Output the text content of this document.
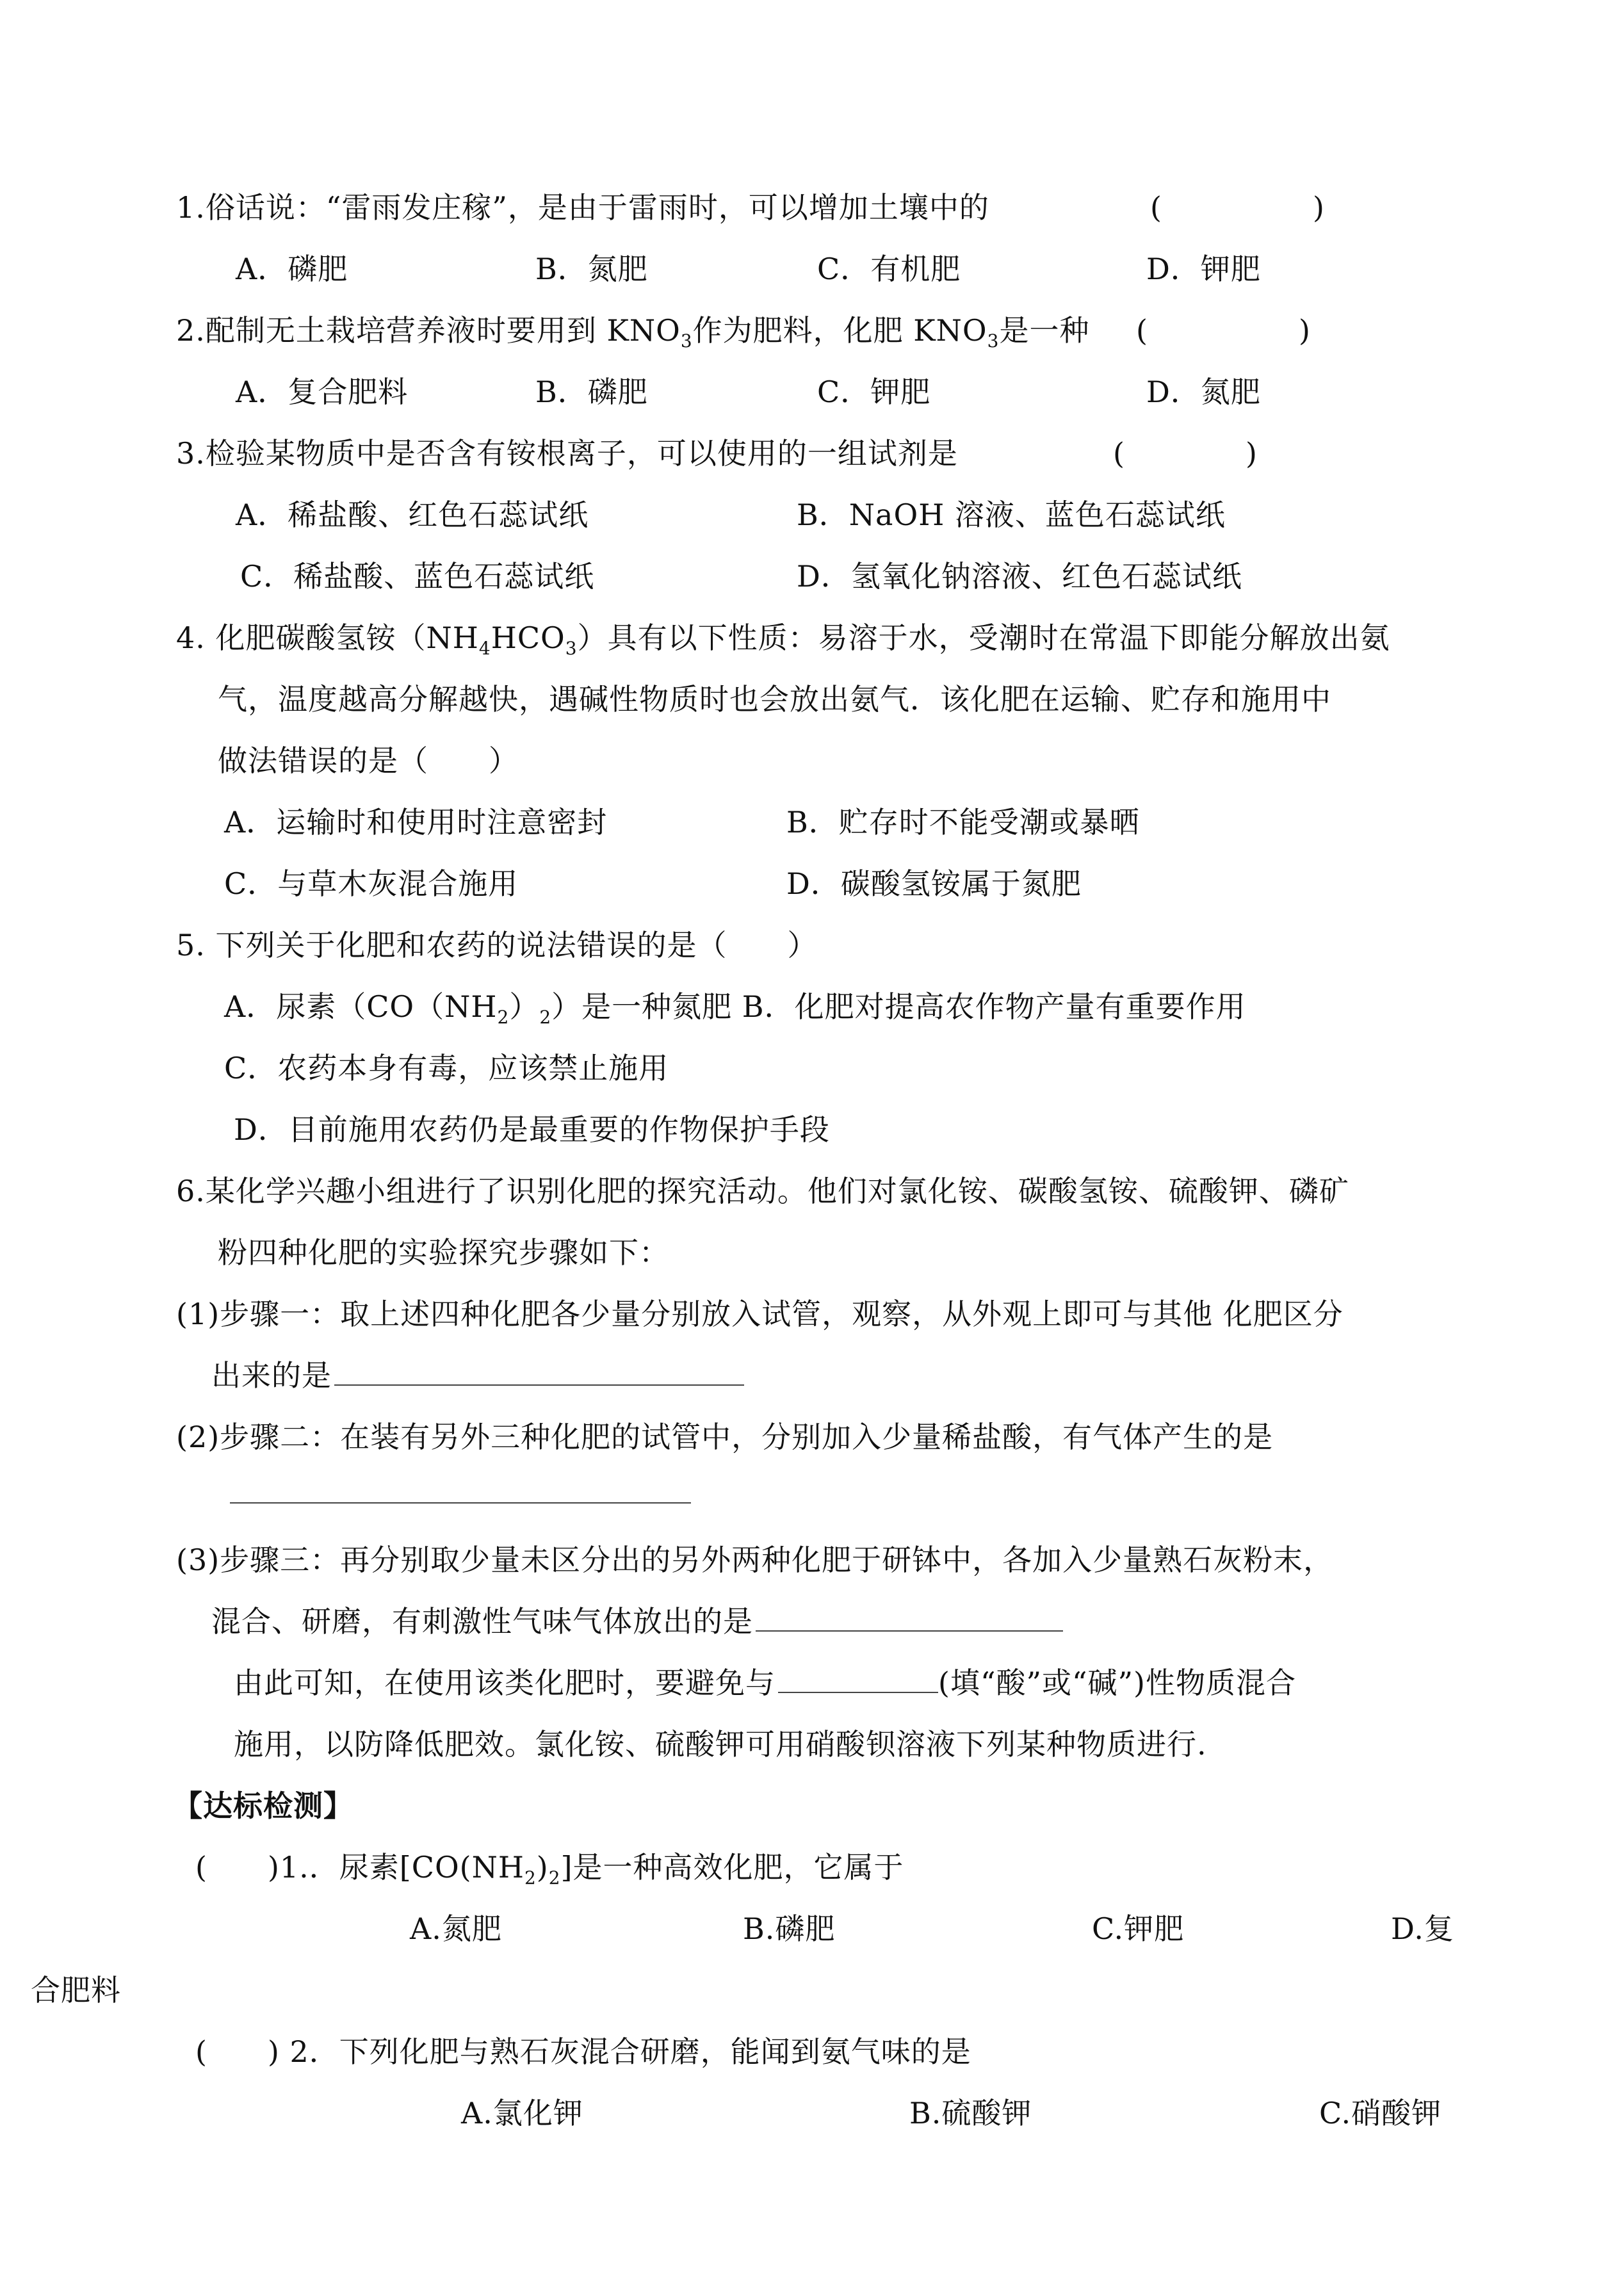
1.俗话说：“雷雨发庄稼”，是由于雷雨时，可以增加土壤中的	(　　　　　)
A．磷肥	B．氮肥	C．有机肥	D．钾肥
2.配制无土栽培营养液时要用到 $KNO_3$作为肥料，化肥 $KNO_3$是一种 (　　　　　)
A．复合肥料	B．磷肥	C．钾肥	D．氮肥
3.检验某物质中是否含有铵根离子，可以使用的一组试剂是	(　　　　)
A．稀盐酸、红色石蕊试纸	B．NaOH 溶液、蓝色石蕊试纸
C．稀盐酸、蓝色石蕊试纸	D．氢氧化钠溶液、红色石蕊试纸
4. 化肥碳酸氢铵$(NH_4HCO_3)$具有以下性质：易溶于水，受潮时在常温下即能分解放出氨
气，温度越高分解越快，遇碱性物质时也会放出氨气．该化肥在运输、贮存和施用中
做法错误的是（　　）
A．运输时和使用时注意密封	B．贮存时不能受潮或暴晒
C．与草木灰混合施用	D．碳酸氢铵属于氮肥
5. 下列关于化肥和农药的说法错误的是（　　）
A．尿素$(CO(NH_2)_2)$是一种氮肥 B．化肥对提高农作物产量有重要作用
C．农药本身有毒，应该禁止施用
D．目前施用农药仍是最重要的作物保护手段
6.某化学兴趣小组进行了识别化肥的探究活动。他们对氯化铵、碳酸氢铵、硫酸钾、磷矿
粉四种化肥的实验探究步骤如下：
(1)步骤一：取上述四种化肥各少量分别放入试管，观察，从外观上即可与其他 化肥区分
出来的是
(2)步骤二：在装有另外三种化肥的试管中，分别加入少量稀盐酸，有气体产生的是
(3)步骤三：再分别取少量未区分出的另外两种化肥于研钵中，各加入少量熟石灰粉末，
混合、研磨，有刺激性气味气体放出的是
由此可知，在使用该类化肥时，要避免与	(填“酸”或“碱”)性物质混合
施用，以防降低肥效。氯化铵、硫酸钾可用硝酸钡溶液下列某种物质进行.
【达标检测】
(　　)1.．尿素$[CO(NH_2)_2]$是一种高效化肥，它属于
A.氮肥	B.磷肥	C.钾肥	D.复
合肥料
(　　) 2．下列化肥与熟石灰混合研磨，能闻到氨气味的是
A.氯化钾	B.硫酸钾	C.硝酸钾
